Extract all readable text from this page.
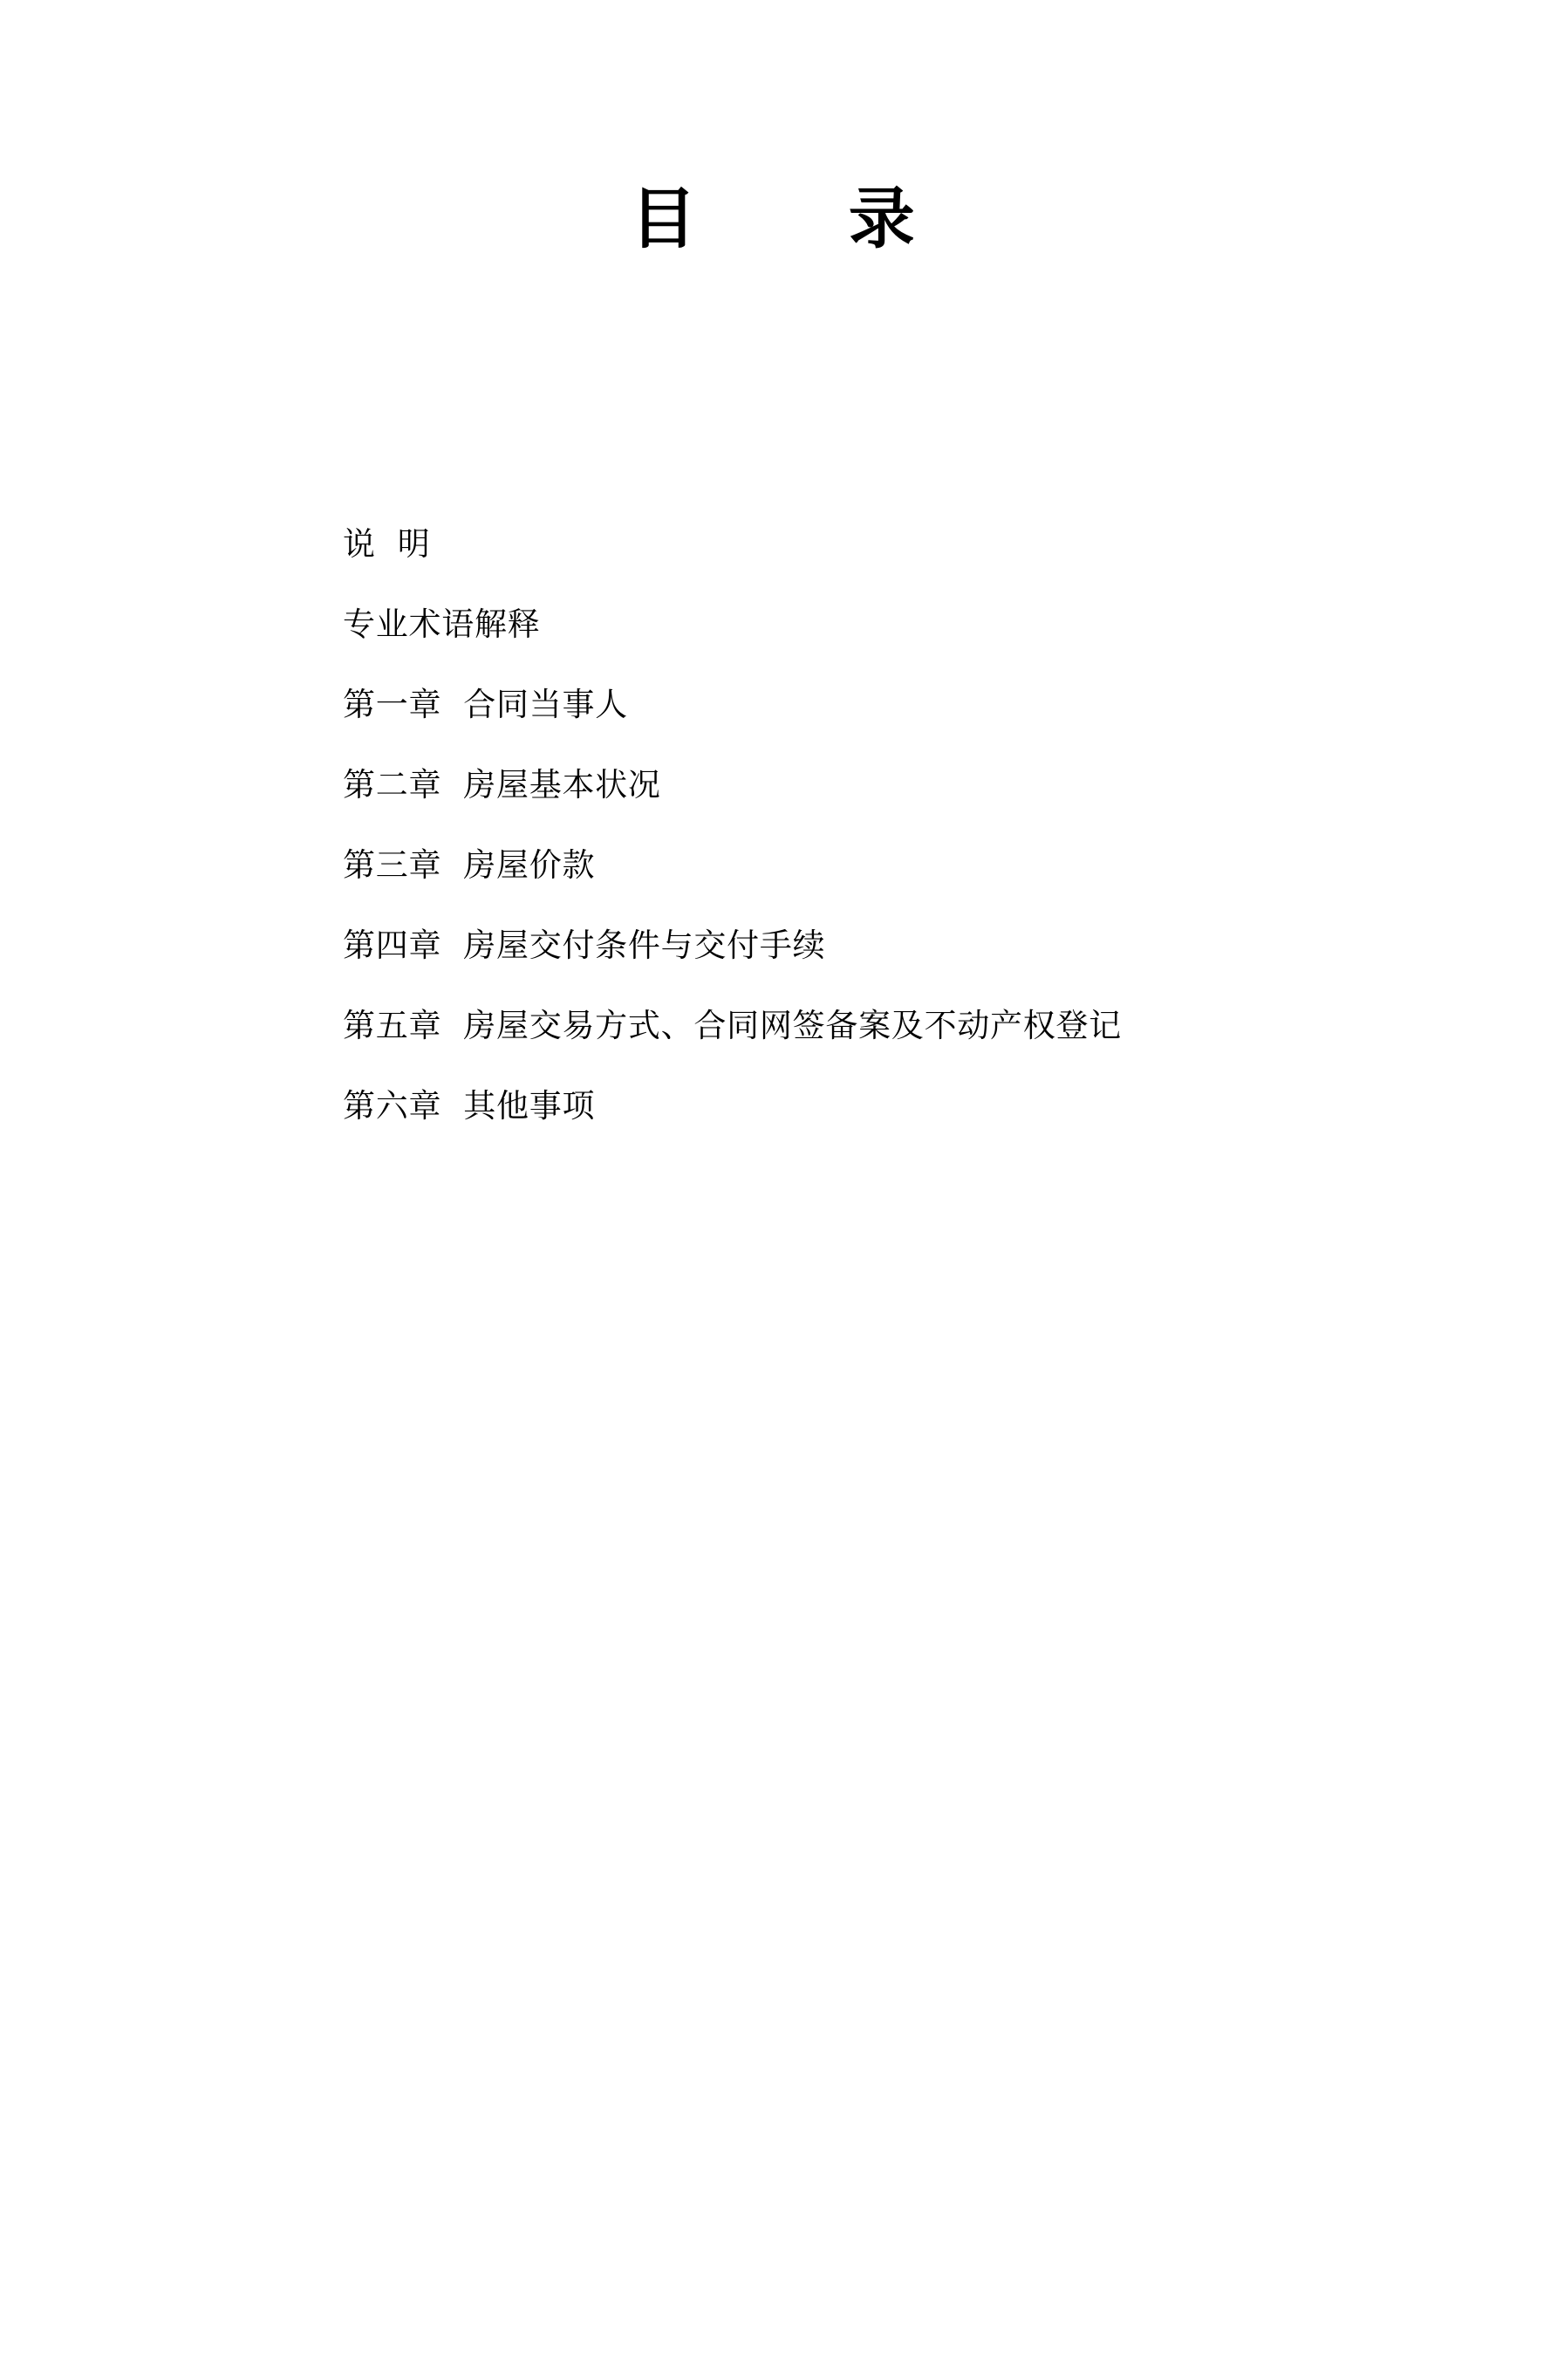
目    录
说  明
专业术语解释
第一章  合同当事人
第二章  房屋基本状况
第三章  房屋价款
第四章  房屋交付条件与交付手续
第五章  房屋交易方式、合同网签备案及不动产权登记
第六章  其他事项
